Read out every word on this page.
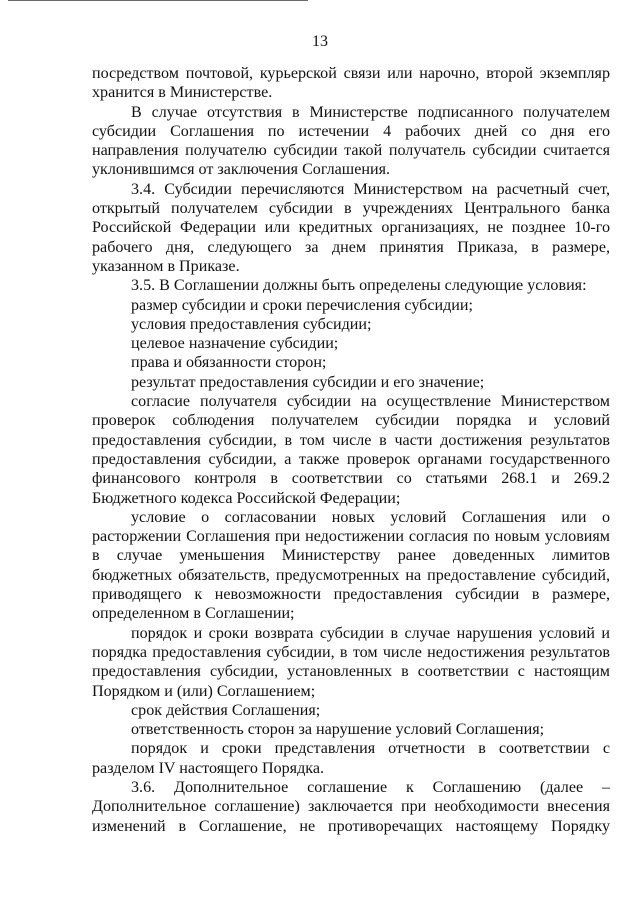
13

посредством почтовой, курьерской связи или нарочно, второй экземпляр хранится в Министерстве.

В случае отсутствия в Министерстве подписанного получателем субсидии Соглашения по истечении 4 рабочих дней со дня его направления получателю субсидии такой получатель субсидии считается уклонившимся от заключения Соглашения.

3.4. Субсидии перечисляются Министерством на расчетный счет, открытый получателем субсидии в учреждениях Центрального банка Российской Федерации или кредитных организациях, не позднее 10-го рабочего дня, следующего за днем принятия Приказа, в размере, указанном в Приказе.

3.5. В Соглашении должны быть определены следующие условия:

размер субсидии и сроки перечисления субсидии;

условия предоставления субсидии;

целевое назначение субсидии;

права и обязанности сторон;

результат предоставления субсидии и его значение;

согласие получателя субсидии на осуществление Министерством проверок соблюдения получателем субсидии порядка и условий предоставления субсидии, в том числе в части достижения результатов предоставления субсидии, а также проверок органами государственного финансового контроля в соответствии со статьями 268.1 и 269.2 Бюджетного кодекса Российской Федерации;

условие о согласовании новых условий Соглашения или о расторжении Соглашения при недостижении согласия по новым условиям в случае уменьшения Министерству ранее доведенных лимитов бюджетных обязательств, предусмотренных на предоставление субсидий, приводящего к невозможности предоставления субсидии в размере, определенном в Соглашении;

порядок и сроки возврата субсидии в случае нарушения условий и порядка предоставления субсидии, в том числе недостижения результатов предоставления субсидии, установленных в соответствии с настоящим Порядком и (или) Соглашением;

срок действия Соглашения;

ответственность сторон за нарушение условий Соглашения;

порядок и сроки представления отчетности в соответствии с разделом IV настоящего Порядка.

3.6. Дополнительное соглашение к Соглашению (далее – Дополнительное соглашение) заключается при необходимости внесения изменений в Соглашение, не противоречащих настоящему Порядку
